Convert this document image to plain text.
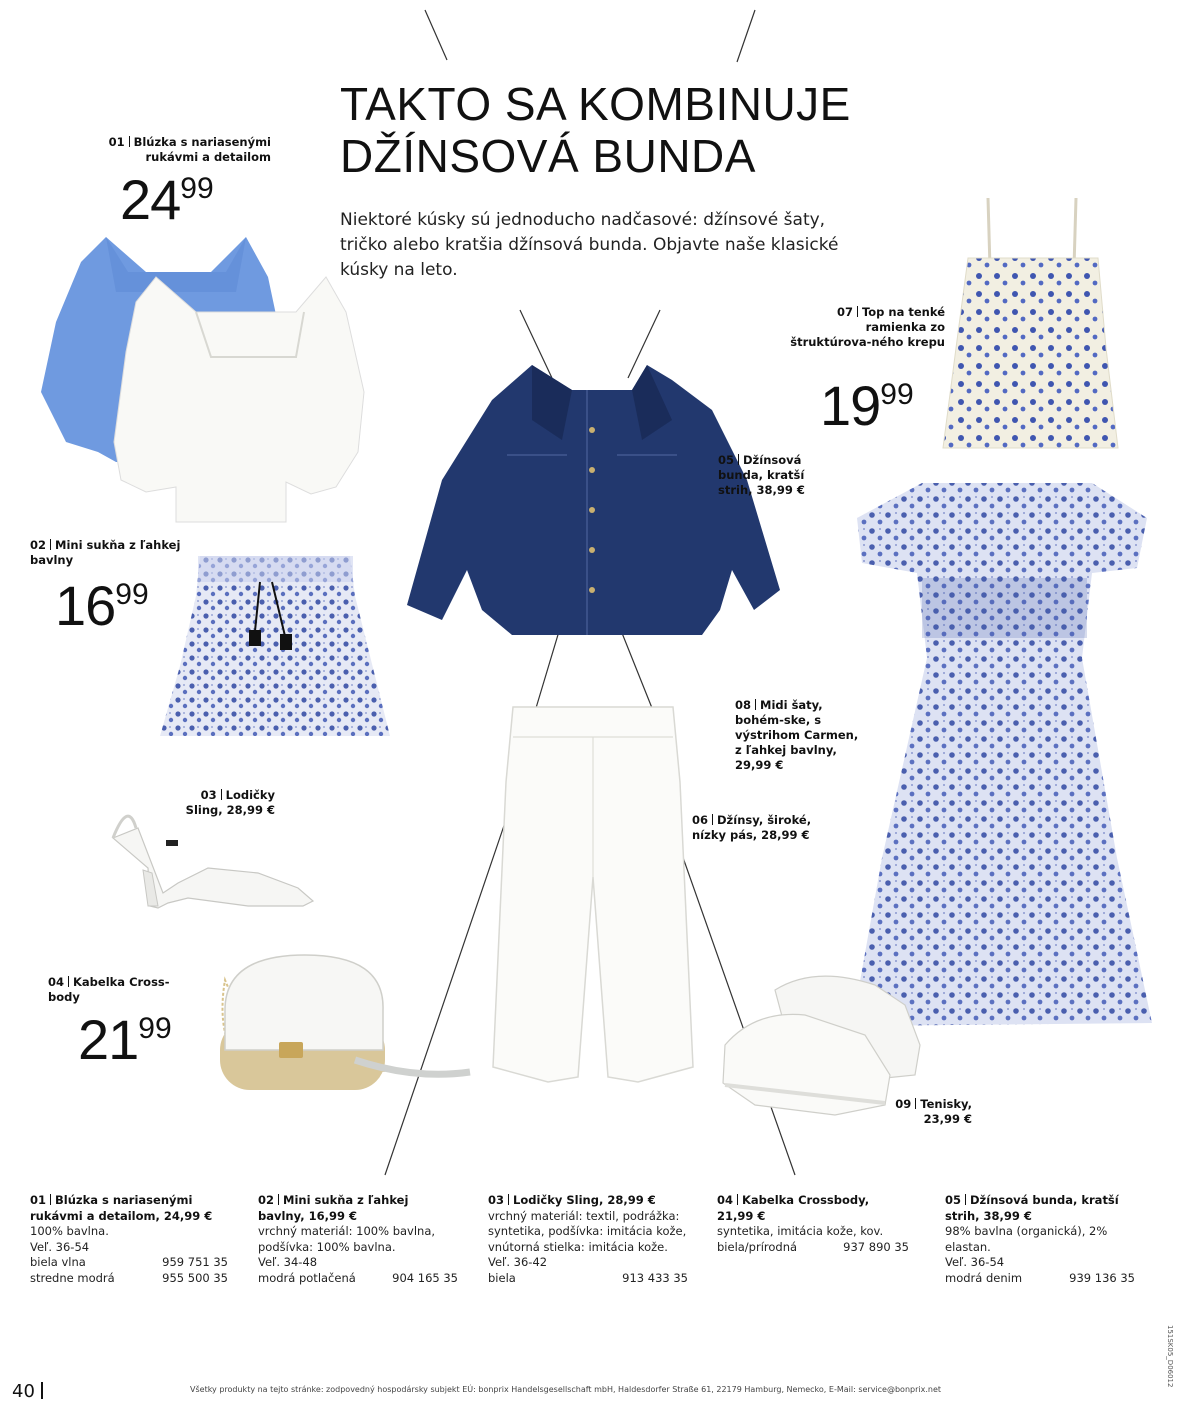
TAKTO SA KOMBINUJE
DŽÍNSOVÁ BUNDA

Niektoré kúsky sú jednoducho nadčasové: džínsové šaty, tričko alebo kratšia džínsová bunda. Objavte naše klasické kúsky na leto.

01 Blúzka s nariasenými rukávmi a detailom
2499
02 Mini sukňa z ľahkej bavlny
1699
03 Lodičky Sling, 28,99 €
04 Kabelka Cross-body
2199
05 Džínsová bunda, kratší strih, 38,99 €
06 Džínsy, široké, nízky pás, 28,99 €
07 Top na tenké ramienka zo štruktúrova-ného krepu
1999
08 Midi šaty, bohém-ske, s výstrihom Carmen, z ľahkej bavlny, 29,99 €
09 Tenisky, 23,99 €
01 Blúzka s nariasenými rukávmi a detailom, 24,99 €
100% bavlna.
Veľ. 36-54
biela vlna	959 751 35
stredne modrá	955 500 35
02 Mini sukňa z ľahkej bavlny, 16,99 €
vrchný materiál: 100% bavlna, podšívka: 100% bavlna.
Veľ. 34-48
modrá potlačená	904 165 35
03 Lodičky Sling, 28,99 €
vrchný materiál: textil, podrážka: syntetika, podšívka: imitácia kože, vnútorná stielka: imitácia kože.
Veľ. 36-42
biela	913 433 35
04 Kabelka Crossbody, 21,99 €
syntetika, imitácia kože, kov.
biela/prírodná	937 890 35
05 Džínsová bunda, kratší strih, 38,99 €
98% bavlna (organická), 2% elastan.
Veľ. 36-54
modrá denim	939 136 35
40	Všetky produkty na tejto stránke: zodpovedný hospodársky subjekt EÚ: bonprix Handelsgesellschaft mbH, Haldesdorfer Straße 61, 22179 Hamburg, Nemecko, E-Mail: service@bonprix.net
151SK05_D06012
